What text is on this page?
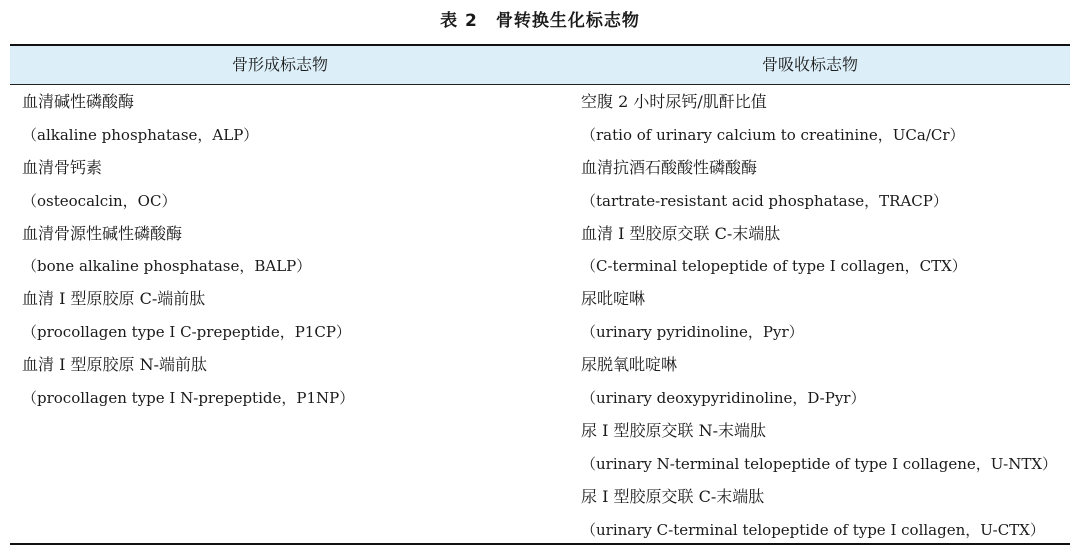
表 2 骨转换生化标志物
骨形成标志物	骨吸收标志物
血清碱性磷酸酶
（alkaline phosphatase，ALP）
血清骨钙素
（osteocalcin，OC）
血清骨源性碱性磷酸酶
（bone alkaline phosphatase，BALP）
血清 Ⅰ 型原胶原 C-端前肽
（procollagen type Ⅰ C-prepeptide，P1CP）
血清 Ⅰ 型原胶原 N-端前肽
（procollagen type Ⅰ N-prepeptide，P1NP）
空腹 2 小时尿钙/肌酐比值
（ratio of urinary calcium to creatinine，UCa/Cr）
血清抗酒石酸酸性磷酸酶
（tartrate-resistant acid phosphatase，TRACP）
血清 Ⅰ 型胶原交联 C-末端肽
（C-terminal telopeptide of type Ⅰ collagen，CTX）
尿吡啶啉
（urinary pyridinoline，Pyr）
尿脱氧吡啶啉
（urinary deoxypyridinoline，D-Pyr）
尿 Ⅰ 型胶原交联 N-末端肽
（urinary N-terminal telopeptide of type Ⅰ collagene，U-NTX）
尿 Ⅰ 型胶原交联 C-末端肽
（urinary C-terminal telopeptide of type Ⅰ collagen，U-CTX）
